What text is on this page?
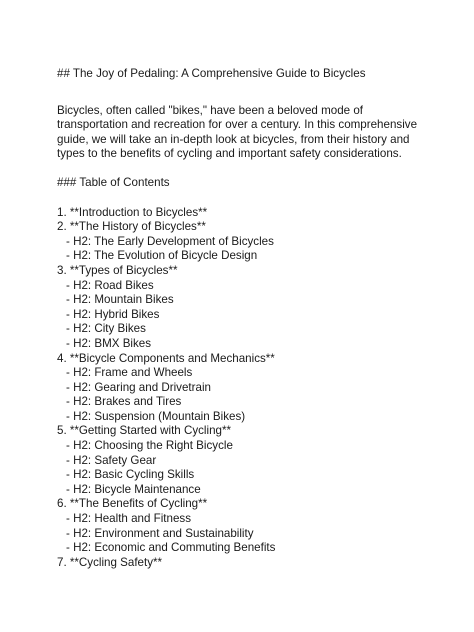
## The Joy of Pedaling: A Comprehensive Guide to Bicycles
Bicycles, often called "bikes," have been a beloved mode of
transportation and recreation for over a century. In this comprehensive
guide, we will take an in-depth look at bicycles, from their history and
types to the benefits of cycling and important safety considerations.
### Table of Contents
1. **Introduction to Bicycles**
2. **The History of Bicycles**
- H2: The Early Development of Bicycles
- H2: The Evolution of Bicycle Design
3. **Types of Bicycles**
- H2: Road Bikes
- H2: Mountain Bikes
- H2: Hybrid Bikes
- H2: City Bikes
- H2: BMX Bikes
4. **Bicycle Components and Mechanics**
- H2: Frame and Wheels
- H2: Gearing and Drivetrain
- H2: Brakes and Tires
- H2: Suspension (Mountain Bikes)
5. **Getting Started with Cycling**
- H2: Choosing the Right Bicycle
- H2: Safety Gear
- H2: Basic Cycling Skills
- H2: Bicycle Maintenance
6. **The Benefits of Cycling**
- H2: Health and Fitness
- H2: Environment and Sustainability
- H2: Economic and Commuting Benefits
7. **Cycling Safety**
